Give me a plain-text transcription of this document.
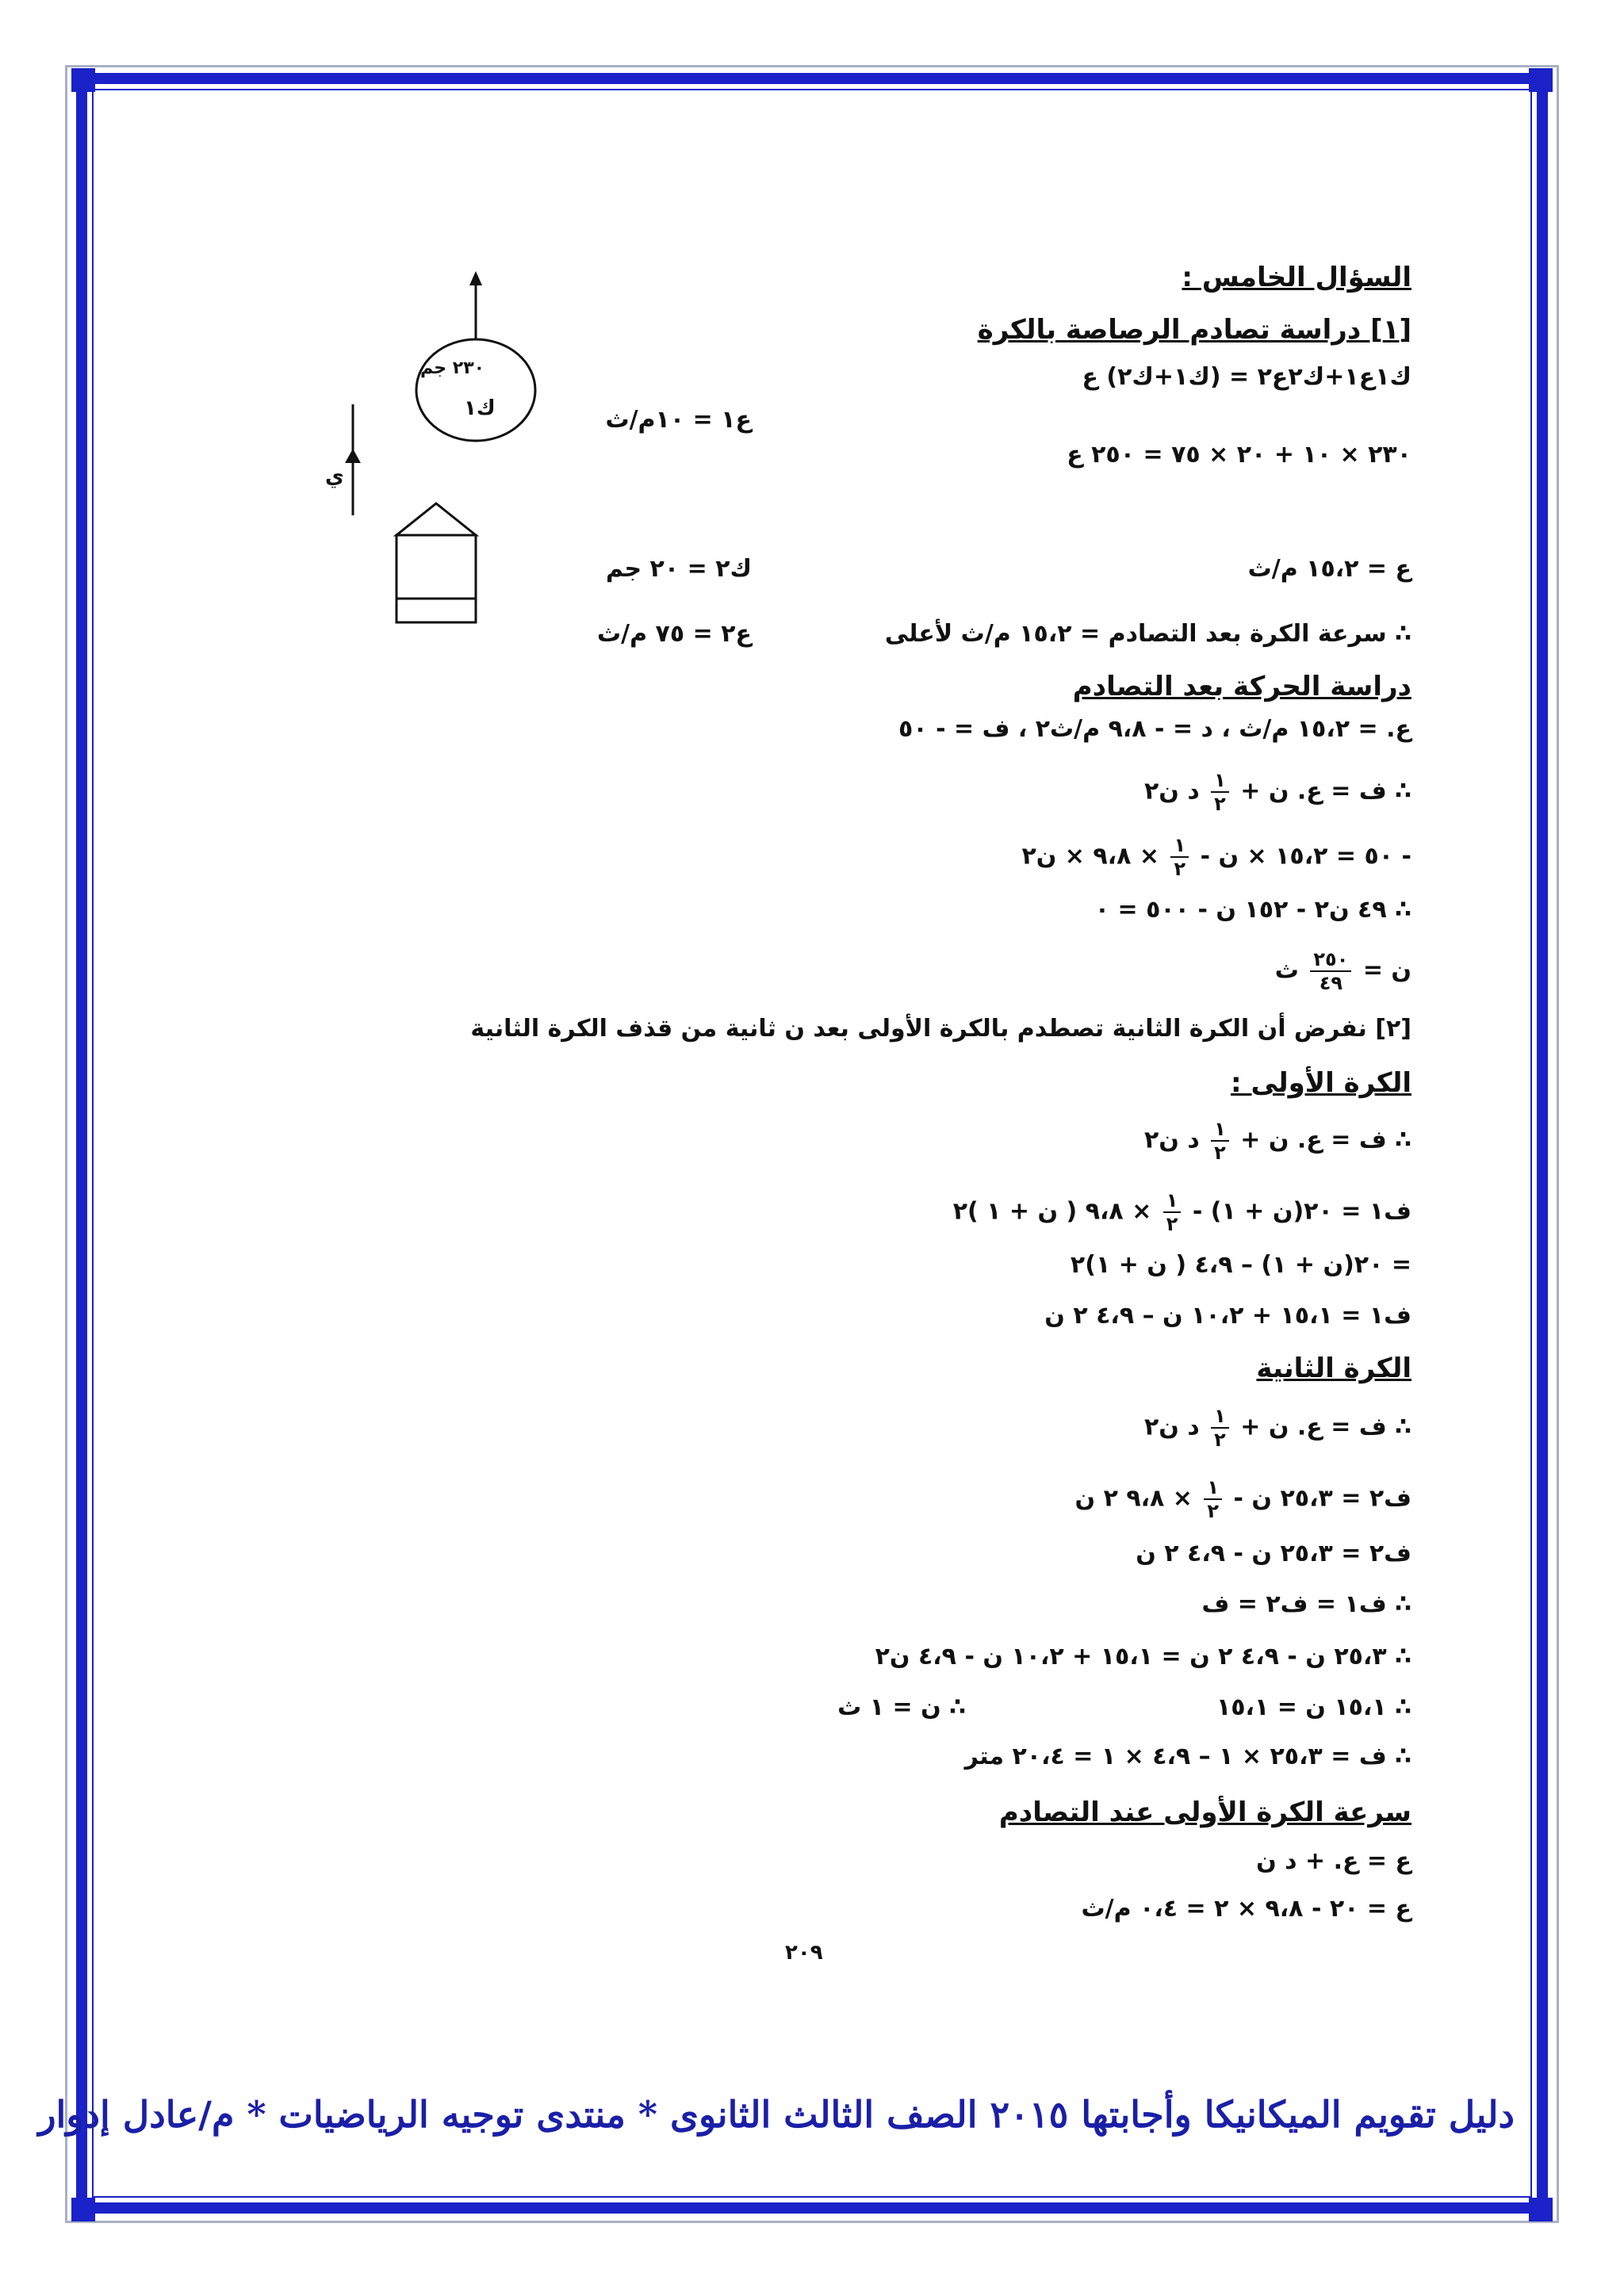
٢٣٠ جم
ك١
ي
ع١ = ١٠م/ث
ك٢ = ٢٠ جم
ع٢ = ٧٥ م/ث
السؤال الخامس :
[١] دراسة تصادم الرصاصة بالكرة
ك١ع١+ك٢ع٢ = (ك١+ك٢) ع
٢٣٠ × ١٠ + ٢٠ × ٧٥ = ٢٥٠ ع
ع = ١٥،٢ م/ث
∴ سرعة الكرة بعد التصادم = ١٥،٢ م/ث لأعلى
دراسة الحركة بعد التصادم
ع. = ١٥،٢ م/ث ، د = - ٩،٨ م/ث٢ ، ف = - ٥٠
∴ ف = ع. ن +
$\frac{١}{٢}$
د ن٢
- ٥٠ = ١٥،٢ × ن -
$\frac{١}{٢}$
× ٩،٨ × ن٢
∴ ٤٩ ن٢ - ١٥٢ ن - ٥٠٠ = ٠
ن =
$\frac{٢٥٠}{٤٩}$
ث
[٢] نفرض أن الكرة الثانية تصطدم بالكرة الأولى بعد ن ثانية من قذف الكرة الثانية
الكرة الأولى :
∴ ف = ع. ن +
$\frac{١}{٢}$
د ن٢
ف١ = ٢٠(ن + ١) -
$\frac{١}{٢}$
× ٩،٨ ( ن + ١ )٢
= ٢٠(ن + ١) – ٤،٩ ( ن + ١)٢
ف١ = ١٥،١ + ١٠،٢ ن – ٤،٩ ٢ ن
الكرة الثانية
∴ ف = ع. ن +
$\frac{١}{٢}$
د ن٢
ف٢ = ٢٥،٣ ن -
$\frac{١}{٢}$
× ٩،٨ ٢ ن
ف٢ = ٢٥،٣ ن - ٤،٩ ٢ ن
∴ ف١ = ف٢ = ف
∴ ٢٥،٣ ن - ٤،٩ ٢ ن = ١٥،١ + ١٠،٢ ن - ٤،٩ ن٢
∴ ١٥،١ ن = ١٥،١
∴ ن = ١ ث
∴ ف = ٢٥،٣ × ١ – ٤،٩ × ١ = ٢٠،٤ متر
سرعة الكرة الأولى عند التصادم
ع = ع. + د ن
ع = ٢٠ - ٩،٨ × ٢ = ٠،٤ م/ث
٢٠٩
دليل تقويم الميكانيكا وأجابتها ٢٠١٥ الصف الثالث الثانوى * منتدى توجيه الرياضيات * م/عادل إدوار
